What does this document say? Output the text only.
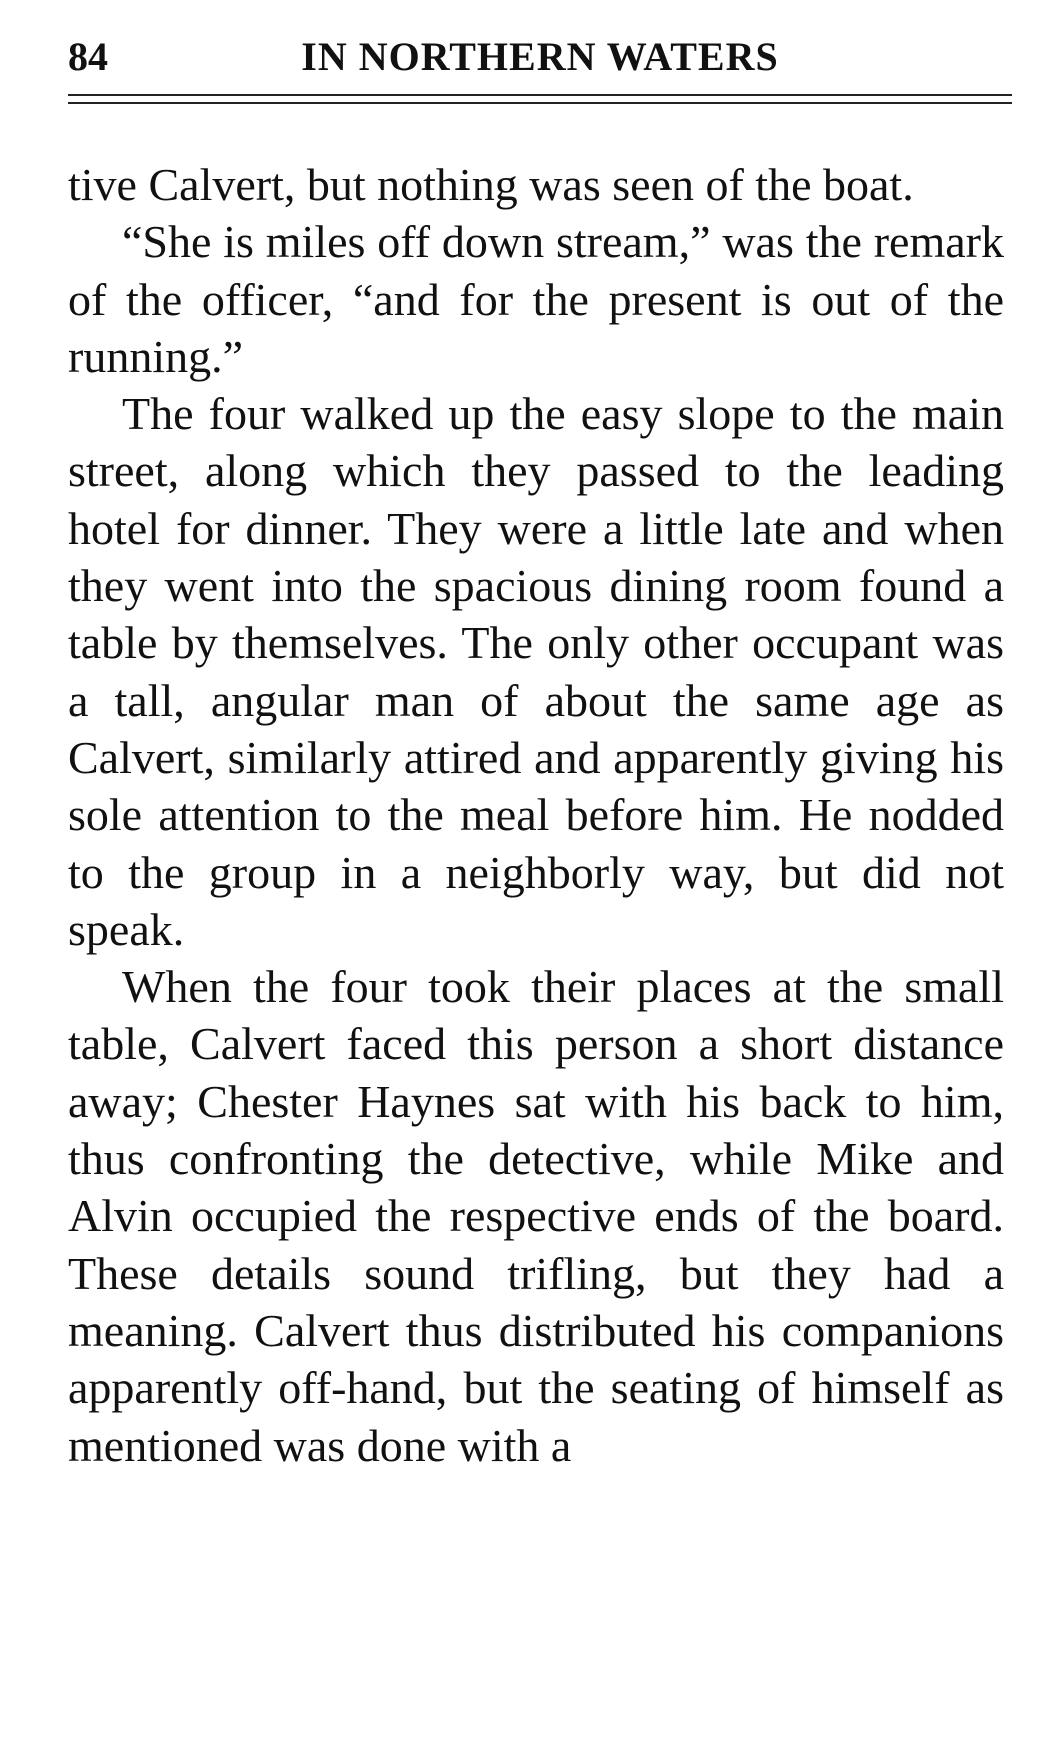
84	IN NORTHERN WATERS

tive Calvert, but nothing was seen of the boat.

“She is miles off down stream,” was the remark of the officer, “and for the present is out of the running.”

The four walked up the easy slope to the main street, along which they passed to the leading hotel for dinner. They were a little late and when they went into the spacious dining room found a table by themselves. The only other occupant was a tall, angular man of about the same age as Calvert, similarly attired and apparently giving his sole attention to the meal before him. He nodded to the group in a neighborly way, but did not speak.

When the four took their places at the small table, Calvert faced this person a short distance away; Chester Haynes sat with his back to him, thus confronting the detective, while Mike and Alvin occupied the respective ends of the board. These details sound trifling, but they had a meaning. Calvert thus distributed his companions apparently off-hand, but the seating of himself as mentioned was done with a
